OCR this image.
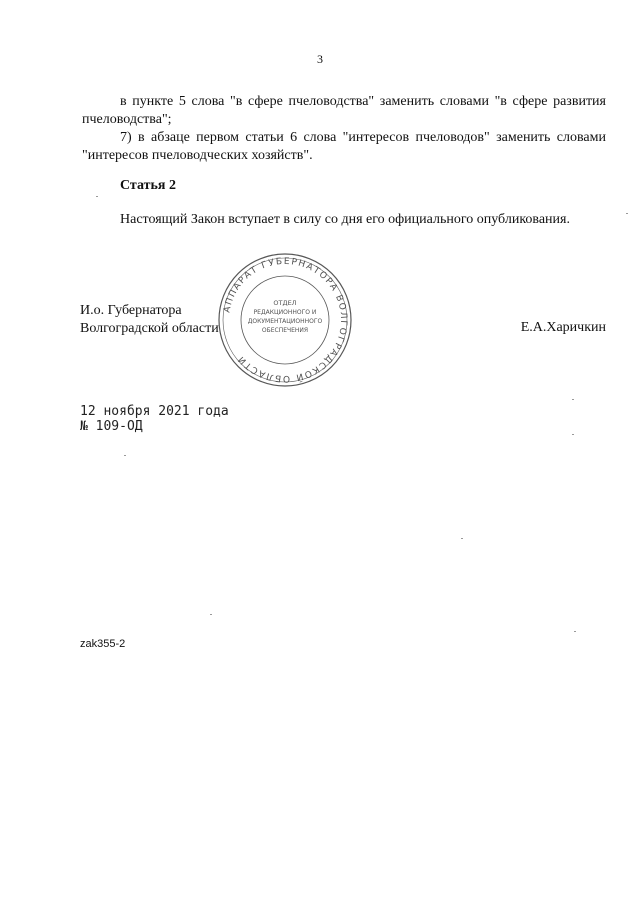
3
в пункте 5 слова "в сфере пчеловодства" заменить словами "в сфере развития пчеловодства";
7) в абзаце первом статьи 6 слова "интересов пчеловодов" заменить словами "интересов пчеловодческих хозяйств".
Статья 2
Настоящий Закон вступает в силу со дня его официального опубликования.
И.о. Губернатора
Волгоградской области	Е.А.Харичкин
АППАРАТ ГУБЕРНАТОРА ВОЛГОГРАДСКОЙ ОБЛАСТИ
ОТДЕЛ
РЕДАКЦИОННОГО И
ДОКУМЕНТАЦИОННОГО
ОБЕСПЕЧЕНИЯ
12 ноября 2021 года
№ 109-ОД
zak355-2
